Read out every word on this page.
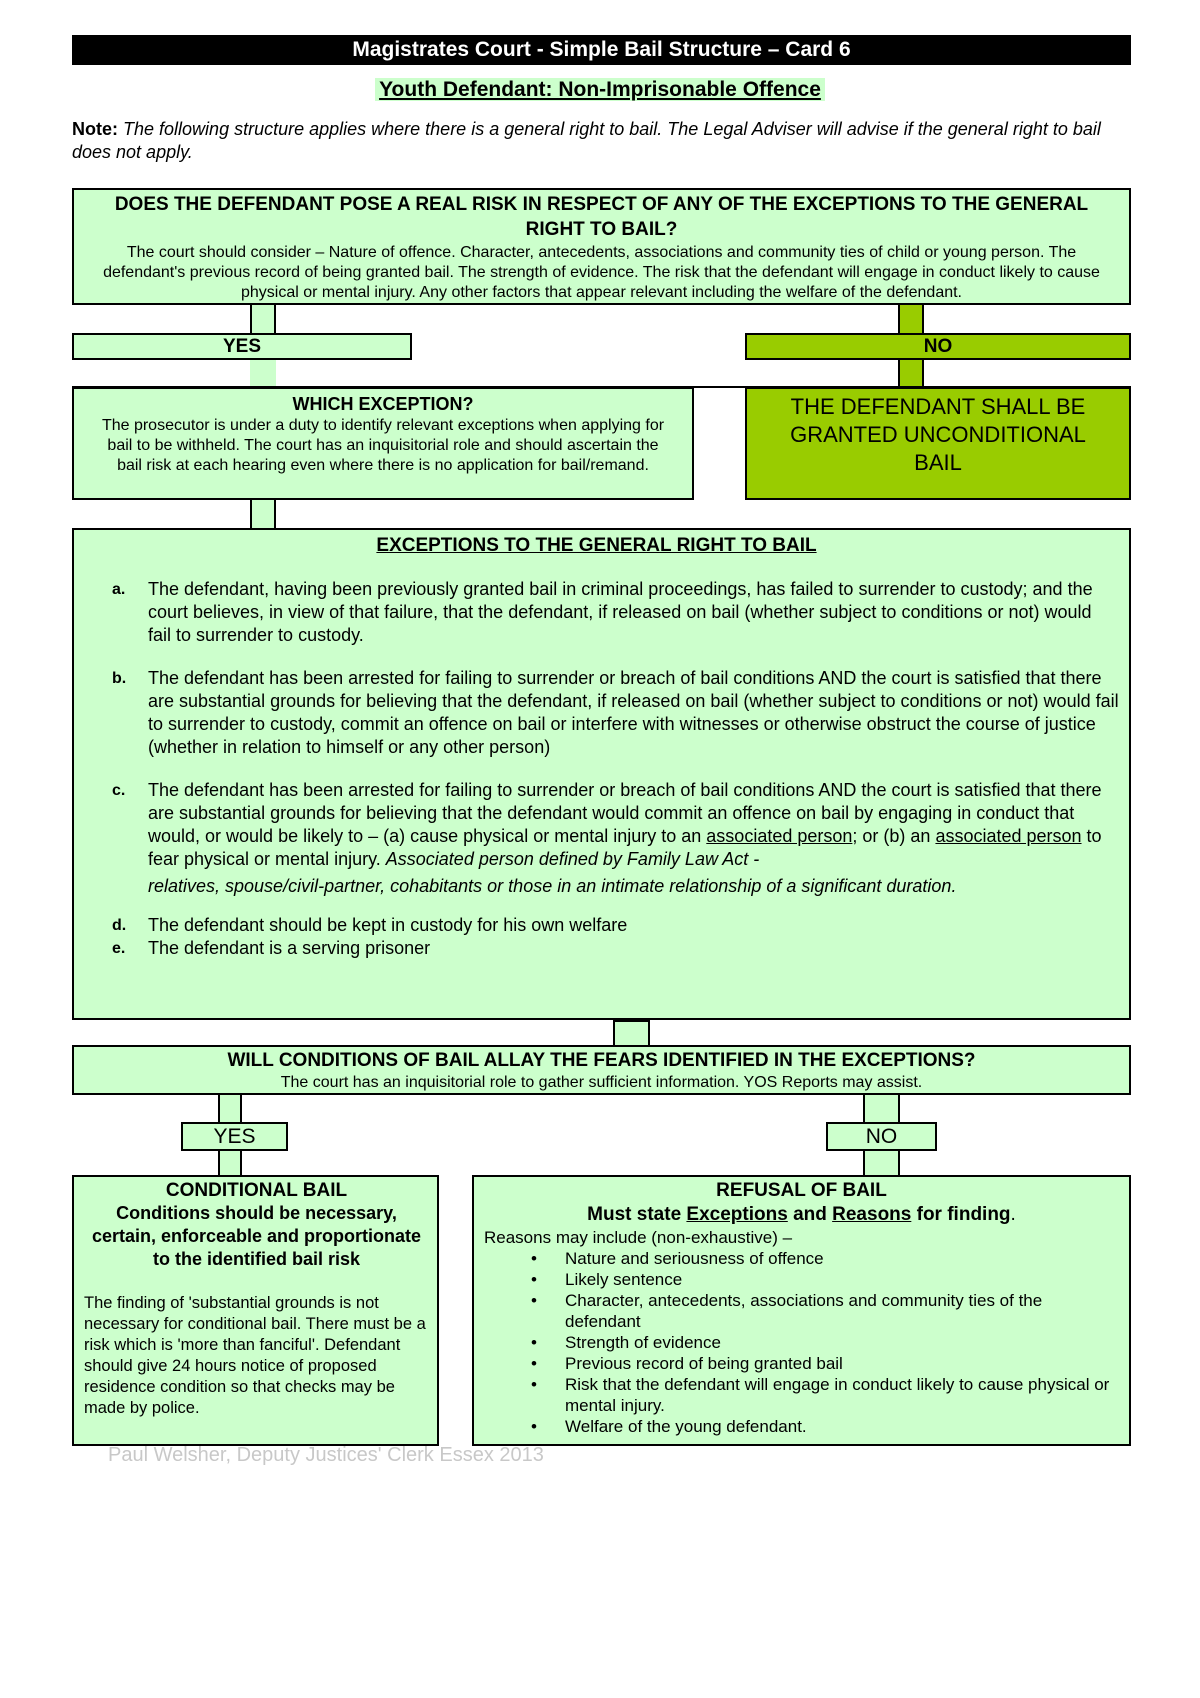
Magistrates Court - Simple Bail Structure – Card 6
Youth Defendant: Non-Imprisonable Offence
Note: The following structure applies where there is a general right to bail. The Legal Adviser will advise if the general right to bail does not apply.
DOES THE DEFENDANT POSE A REAL RISK IN RESPECT OF ANY OF THE EXCEPTIONS TO THE GENERAL RIGHT TO BAIL?
The court should consider – Nature of offence. Character, antecedents, associations and community ties of child or young person. The defendant's previous record of being granted bail. The strength of evidence. The risk that the defendant will engage in conduct likely to cause physical or mental injury. Any other factors that appear relevant including the welfare of the defendant.
YES	NO
WHICH EXCEPTION?
The prosecutor is under a duty to identify relevant exceptions when applying for bail to be withheld. The court has an inquisitorial role and should ascertain the bail risk at each hearing even where there is no application for bail/remand.
THE DEFENDANT SHALL BE GRANTED UNCONDITIONAL BAIL
EXCEPTIONS TO THE GENERAL RIGHT TO BAIL
a. The defendant, having been previously granted bail in criminal proceedings, has failed to surrender to custody; and the court believes, in view of that failure, that the defendant, if released on bail (whether subject to conditions or not) would fail to surrender to custody.
b. The defendant has been arrested for failing to surrender or breach of bail conditions AND the court is satisfied that there are substantial grounds for believing that the defendant, if released on bail (whether subject to conditions or not) would fail to surrender to custody, commit an offence on bail or interfere with witnesses or otherwise obstruct the course of justice (whether in relation to himself or any other person)
c. The defendant has been arrested for failing to surrender or breach of bail conditions AND the court is satisfied that there are substantial grounds for believing that the defendant would commit an offence on bail by engaging in conduct that would, or would be likely to – (a) cause physical or mental injury to an associated person; or (b) an associated person to fear physical or mental injury. Associated person defined by Family Law Act -
relatives, spouse/civil-partner, cohabitants or those in an intimate relationship of a significant duration.
d. The defendant should be kept in custody for his own welfare
e. The defendant is a serving prisoner
WILL CONDITIONS OF BAIL ALLAY THE FEARS IDENTIFIED IN THE EXCEPTIONS?
The court has an inquisitorial role to gather sufficient information. YOS Reports may assist.
YES	NO
CONDITIONAL BAIL
Conditions should be necessary, certain, enforceable and proportionate to the identified bail risk
The finding of 'substantial grounds is not necessary for conditional bail. There must be a risk which is 'more than fanciful'. Defendant should give 24 hours notice of proposed residence condition so that checks may be made by police.
REFUSAL OF BAIL
Must state Exceptions and Reasons for finding.
Reasons may include (non-exhaustive) –
• Nature and seriousness of offence
• Likely sentence
• Character, antecedents, associations and community ties of the defendant
• Strength of evidence
• Previous record of being granted bail
• Risk that the defendant will engage in conduct likely to cause physical or mental injury.
• Welfare of the young defendant.
Paul Welsher, Deputy Justices' Clerk Essex 2013
